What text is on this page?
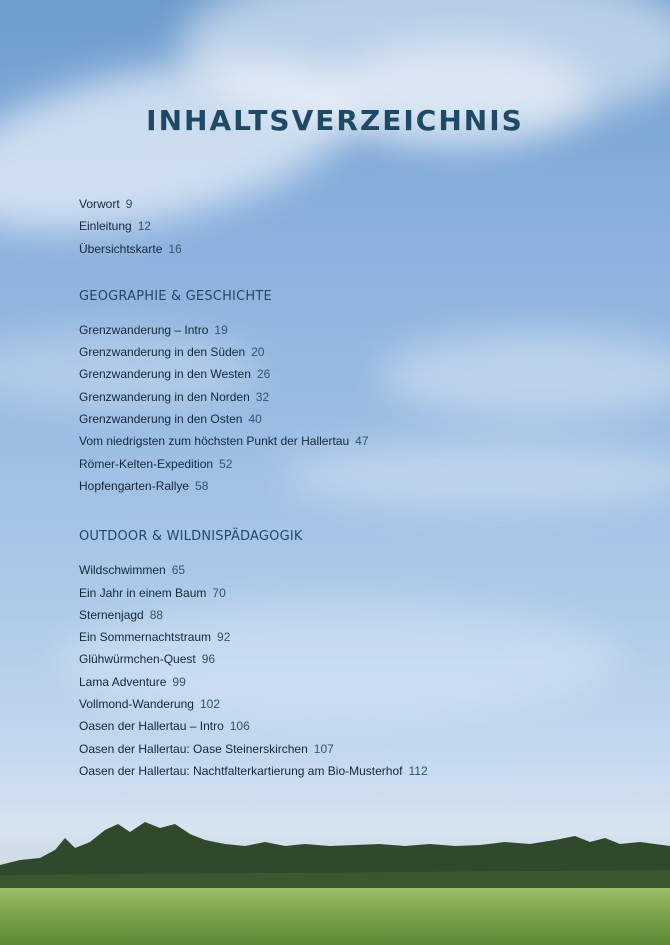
INHALTSVERZEICHNIS
Vorwort 9
Einleitung 12
Übersichtskarte 16
GEOGRAPHIE & GESCHICHTE
Grenzwanderung – Intro 19
Grenzwanderung in den Süden 20
Grenzwanderung in den Westen 26
Grenzwanderung in den Norden 32
Grenzwanderung in den Osten 40
Vom niedrigsten zum höchsten Punkt der Hallertau 47
Römer-Kelten-Expedition 52
Hopfengarten-Rallye 58
OUTDOOR & WILDNISPÄDAGOGIK
Wildschwimmen 65
Ein Jahr in einem Baum 70
Sternenjagd 88
Ein Sommernachtstraum 92
Glühwürmchen-Quest 96
Lama Adventure 99
Vollmond-Wanderung 102
Oasen der Hallertau – Intro 106
Oasen der Hallertau: Oase Steinerskirchen 107
Oasen der Hallertau: Nachtfalterkartierung am Bio-Musterhof 112
